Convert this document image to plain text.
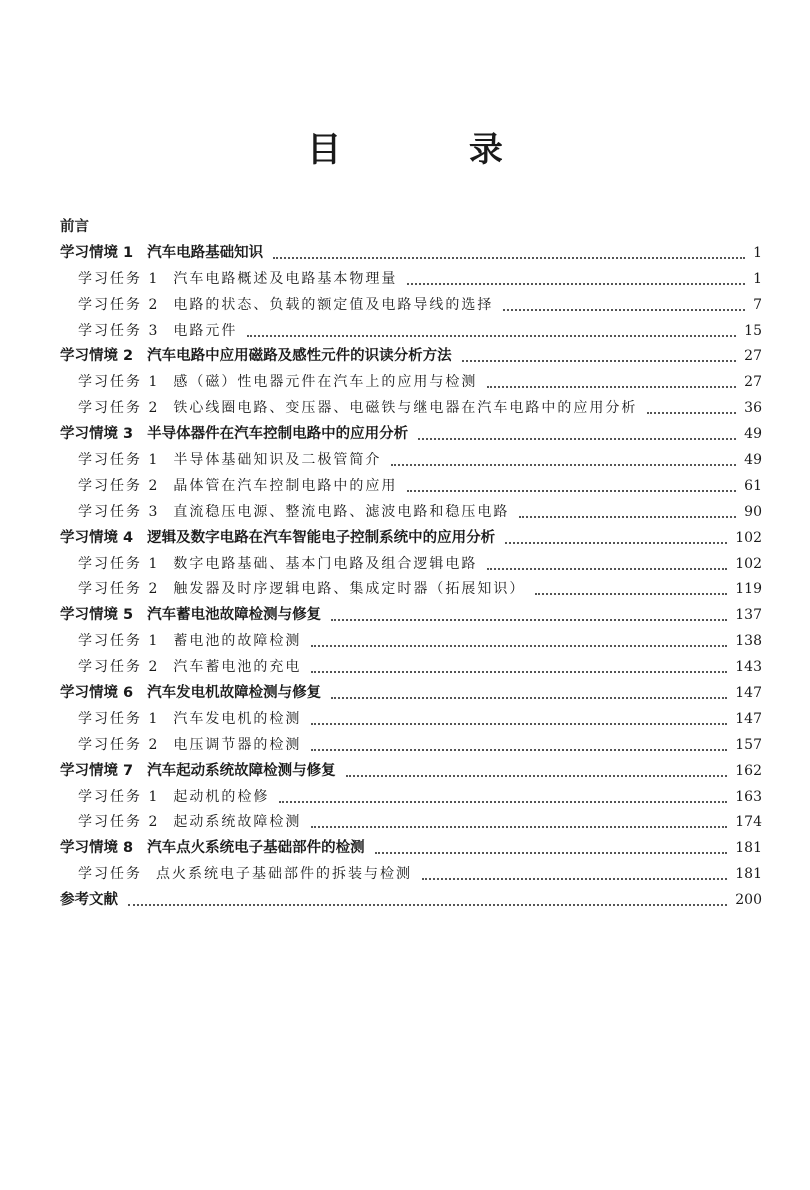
目 录
前言
学习情境 1 汽车电路基础知识	1
学习任务 1 汽车电路概述及电路基本物理量	1
学习任务 2 电路的状态、负载的额定值及电路导线的选择	7
学习任务 3 电路元件	15
学习情境 2 汽车电路中应用磁路及感性元件的识读分析方法	27
学习任务 1 感（磁）性电器元件在汽车上的应用与检测	27
学习任务 2 铁心线圈电路、变压器、电磁铁与继电器在汽车电路中的应用分析	36
学习情境 3 半导体器件在汽车控制电路中的应用分析	49
学习任务 1 半导体基础知识及二极管简介	49
学习任务 2 晶体管在汽车控制电路中的应用	61
学习任务 3 直流稳压电源、整流电路、滤波电路和稳压电路	90
学习情境 4 逻辑及数字电路在汽车智能电子控制系统中的应用分析	102
学习任务 1 数字电路基础、基本门电路及组合逻辑电路	102
学习任务 2 触发器及时序逻辑电路、集成定时器（拓展知识）	119
学习情境 5 汽车蓄电池故障检测与修复	137
学习任务 1 蓄电池的故障检测	138
学习任务 2 汽车蓄电池的充电	143
学习情境 6 汽车发电机故障检测与修复	147
学习任务 1 汽车发电机的检测	147
学习任务 2 电压调节器的检测	157
学习情境 7 汽车起动系统故障检测与修复	162
学习任务 1 起动机的检修	163
学习任务 2 起动系统故障检测	174
学习情境 8 汽车点火系统电子基础部件的检测	181
学习任务 点火系统电子基础部件的拆装与检测	181
参考文献	200
